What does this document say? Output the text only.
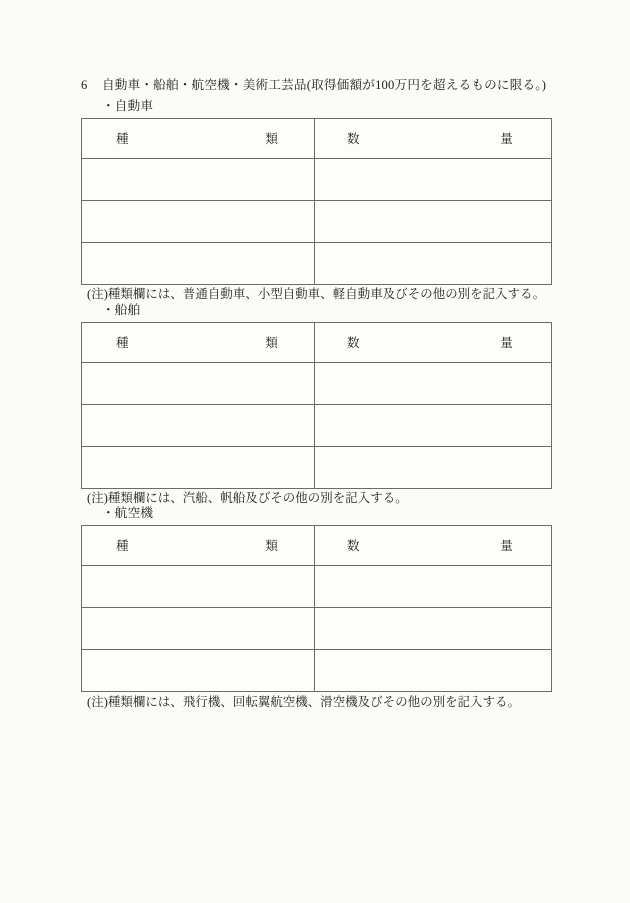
6 自動車・船舶・航空機・美術工芸品(取得価額が100万円を超えるものに限る。)
・自動車
種 類	数 量

(注)種類欄には、普通自動車、小型自動車、軽自動車及びその他の別を記入する。
・船舶
種 類	数 量

(注)種類欄には、汽船、帆船及びその他の別を記入する。
・航空機
種 類	数 量

(注)種類欄には、飛行機、回転翼航空機、滑空機及びその他の別を記入する。
